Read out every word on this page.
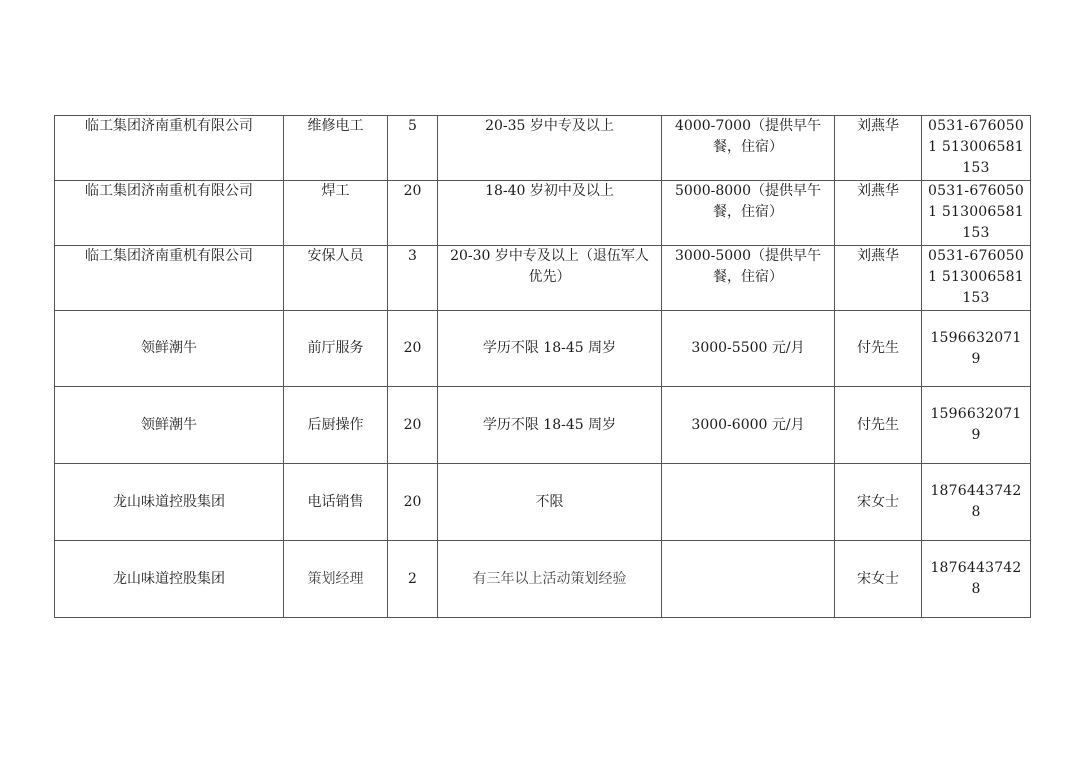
临工集团济南重机有限公司	维修电工	5	20-35 岁中专及以上	4000-7000（提供早午餐，住宿）	刘燕华	0531-6760501 513006581153
临工集团济南重机有限公司	焊工	20	18-40 岁初中及以上	5000-8000（提供早午餐，住宿）	刘燕华	0531-6760501 513006581153
临工集团济南重机有限公司	安保人员	3	20-30 岁中专及以上（退伍军人优先）	3000-5000（提供早午餐，住宿）	刘燕华	0531-6760501 513006581153
领鲜潮牛	前厅服务	20	学历不限 18-45 周岁	3000-5500 元/月	付先生	15966320719
领鲜潮牛	后厨操作	20	学历不限 18-45 周岁	3000-6000 元/月	付先生	15966320719
龙山味道控股集团	电话销售	20	不限		宋女士	18764437428
龙山味道控股集团	策划经理	2	有三年以上活动策划经验		宋女士	18764437428
